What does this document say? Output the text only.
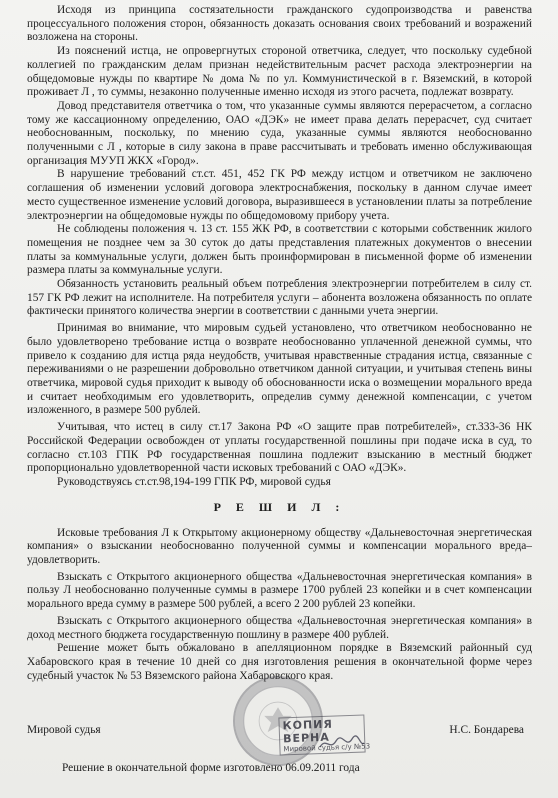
Исходя из принципа состязательности гражданского судопроизводства и равенства процессуального положения сторон, обязанность доказать основания своих требований и возражений возложена на стороны.

Из пояснений истца, не опровергнутых стороной ответчика, следует, что поскольку судебной коллегией по гражданским делам признан недействительным расчет расхода электроэнергии на общедомовые нужды по квартире № дома № по ул. Коммунистической в г. Вяземский, в которой проживает Л , то суммы, незаконно полученные именно исходя из этого расчета, подлежат возврату.

Довод представителя ответчика о том, что указанные суммы являются перерасчетом, а согласно тому же кассационному определению, ОАО «ДЭК» не имеет права делать перерасчет, суд считает необоснованным, поскольку, по мнению суда, указанные суммы являются необоснованно полученными с Л , которые в силу закона в праве рассчитывать и требовать именно обслуживающая организация МУУП ЖКХ «Город».

В нарушение требований ст.ст. 451, 452 ГК РФ между истцом и ответчиком не заключено соглашения об изменении условий договора электроснабжения, поскольку в данном случае имеет место существенное изменение условий договора, выразившееся в установлении платы за потребление электроэнергии на общедомовые нужды по общедомовому прибору учета.

Не соблюдены положения ч. 13 ст. 155 ЖК РФ, в соответствии с которыми собственник жилого помещения не позднее чем за 30 суток до даты представления платежных документов о внесении платы за коммунальные услуги, должен быть проинформирован в письменной форме об изменении размера платы за коммунальные услуги.

Обязанность установить реальный объем потребления электроэнергии потребителем в силу ст. 157 ГК РФ лежит на исполнителе. На потребителя услуги – абонента возложена обязанность по оплате фактически принятого количества энергии в соответствии с данными учета энергии.

Принимая во внимание, что мировым судьей установлено, что ответчиком необоснованно не было удовлетворено требование истца о возврате необоснованно уплаченной денежной суммы, что привело к созданию для истца ряда неудобств, учитывая нравственные страдания истца, связанные с переживаниями о не разрешении добровольно ответчиком данной ситуации, и учитывая степень вины ответчика, мировой судья приходит к выводу об обоснованности иска о возмещении морального вреда и считает необходимым его удовлетворить, определив сумму денежной компенсации, с учетом изложенного, в размере 500 рублей.

Учитывая, что истец в силу ст.17 Закона РФ «О защите прав потребителей», ст.333-36 НК Российской Федерации освобожден от уплаты государственной пошлины при подаче иска в суд, то согласно ст.103 ГПК РФ государственная пошлина подлежит взысканию в местный бюджет пропорционально удовлетворенной части исковых требований с ОАО «ДЭК».

Руководствуясь ст.ст.98,194-199 ГПК РФ, мировой судья

Р Е Ш И Л :

Исковые требования Л к Открытому акционерному обществу «Дальневосточная энергетическая компания» о взыскании необоснованно полученной суммы и компенсации морального вреда– удовлетворить.

Взыскать с Открытого акционерного общества «Дальневосточная энергетическая компания» в пользу Л необоснованно полученные суммы в размере 1700 рублей 23 копейки и в счет компенсации морального вреда сумму в размере 500 рублей, а всего 2 200 рублей 23 копейки.

Взыскать с Открытого акционерного общества «Дальневосточная энергетическая компания» в доход местного бюджета государственную пошлину в размере 400 рублей.

Решение может быть обжаловано в апелляционном порядке в Вяземский районный суд Хабаровского края в течение 10 дней со дня изготовления решения в окончательной форме через судебный участок № 53 Вяземского района Хабаровского края.

КОПИЯ ВЕРНА
Мировой судья с/у №53
Мировой судья	Н.С. Бондарева
Решение в окончательной форме изготовлено 06.09.2011 года
